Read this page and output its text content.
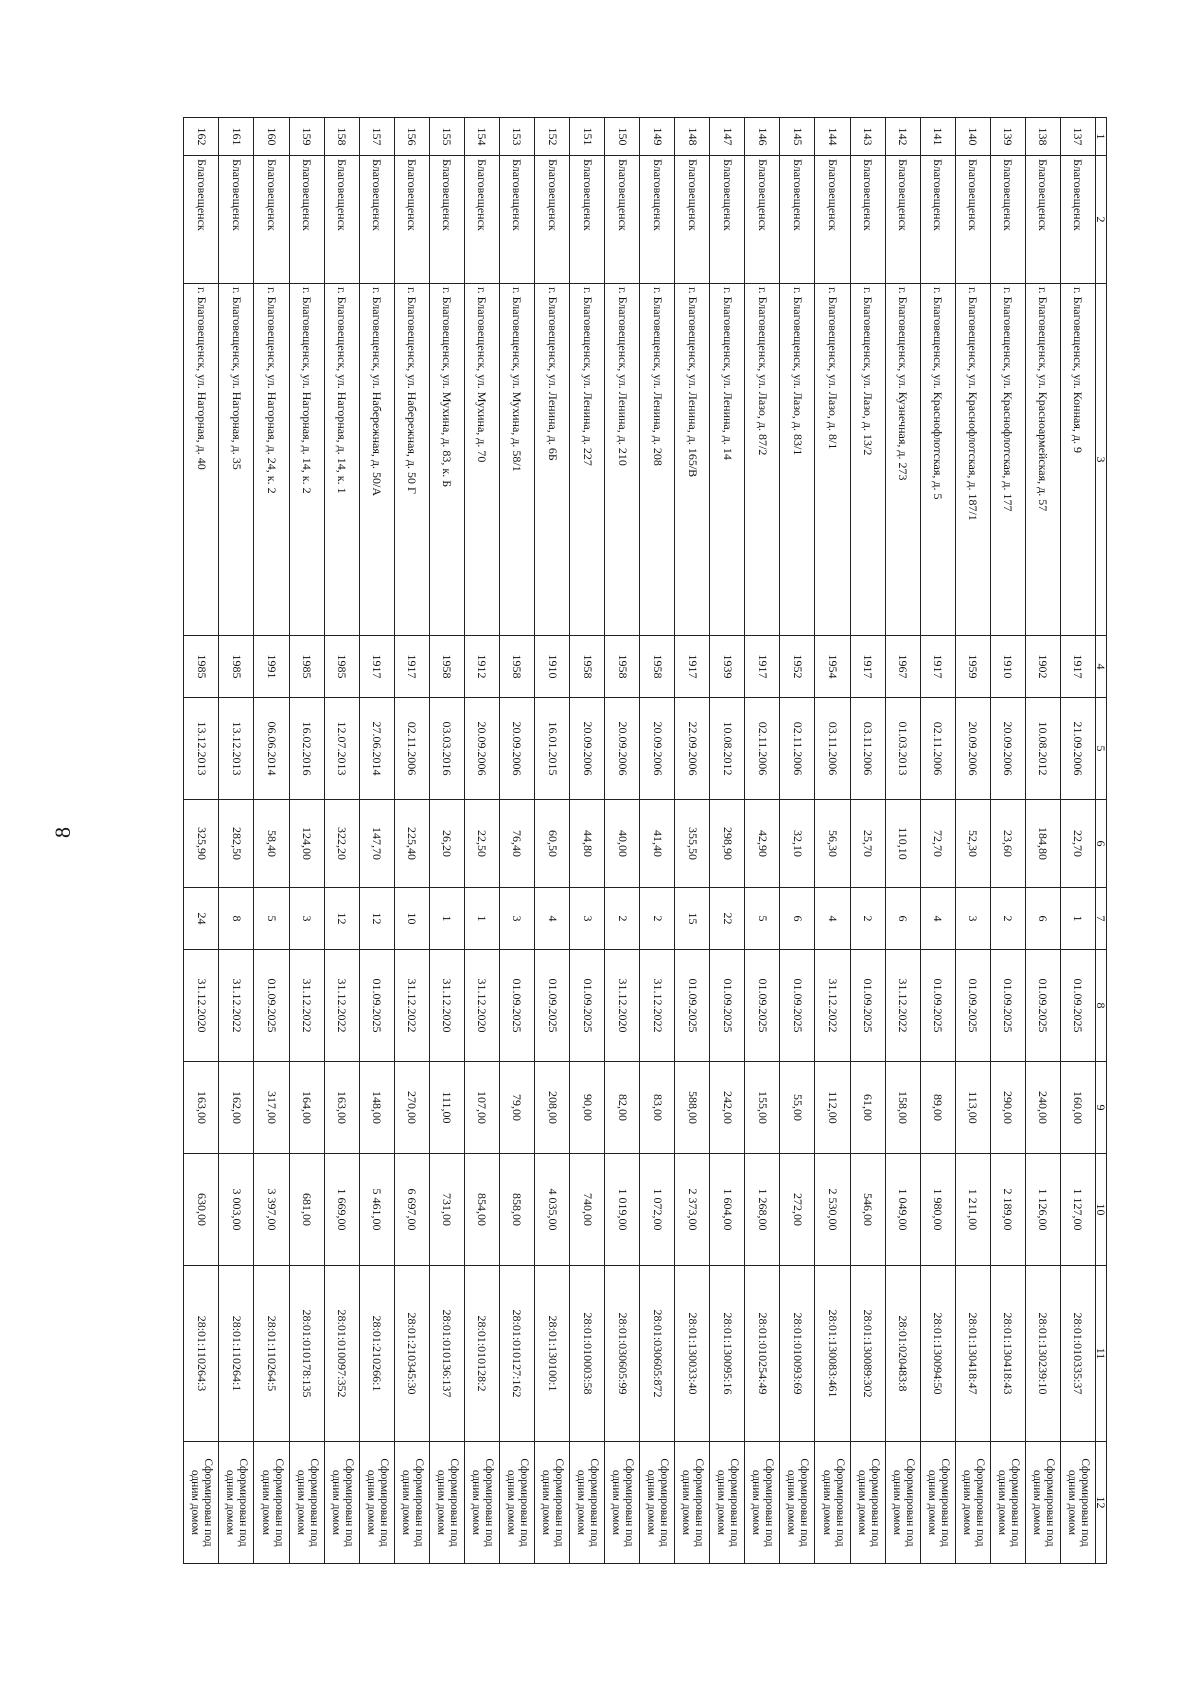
8
1	2	3	4	5	6	7	8	9	10	11	12
137	Благовещенск	г. Благовещенск, ул. Конная, д. 9	1917	21.09.2006	22,70	1	01.09.2025	160,00	1 127,00	28:01:010335:37	Сформирован под одним домом
138	Благовещенск	г. Благовещенск, ул. Красноармейская, д. 57	1902	10.08.2012	184,80	6	01.09.2025	240,00	1 126,00	28:01:130239:10	Сформирован под одним домом
139	Благовещенск	г. Благовещенск, ул. Краснофлотская, д. 177	1910	20.09.2006	23,60	2	01.09.2025	290,00	2 189,00	28:01:130418:43	Сформирован под одним домом
140	Благовещенск	г. Благовещенск, ул. Краснофлотская, д. 187/1	1959	20.09.2006	52,30	3	01.09.2025	113,00	1 211,00	28:01:130418:47	Сформирован под одним домом
141	Благовещенск	г. Благовещенск, ул. Краснофлотская, д. 5	1917	02.11.2006	72,70	4	01.09.2025	89,00	1 980,00	28:01:130094:50	Сформирован под одним домом
142	Благовещенск	г. Благовещенск, ул. Кузнечная, д. 273	1967	01.03.2013	110,10	6	31.12.2022	158,00	1 049,00	28:01:020483:8	Сформирован под одним домом
143	Благовещенск	г. Благовещенск, ул. Лазо, д. 13/2	1917	03.11.2006	25,70	2	01.09.2025	61,00	546,00	28:01:130089:302	Сформирован под одним домом
144	Благовещенск	г. Благовещенск, ул. Лазо, д. 8/1	1954	03.11.2006	56,30	4	31.12.2022	112,00	2 530,00	28:01:130083:461	Сформирован под одним домом
145	Благовещенск	г. Благовещенск, ул. Лазо, д. 83/1	1952	02.11.2006	32,10	6	01.09.2025	55,00	272,00	28:01:010093:69	Сформирован под одним домом
146	Благовещенск	г. Благовещенск, ул. Лазо, д. 87/2	1917	02.11.2006	42,90	5	01.09.2025	155,00	1 268,00	28:01:010254:49	Сформирован под одним домом
147	Благовещенск	г. Благовещенск, ул. Ленина, д. 14	1939	10.08.2012	298,90	22	01.09.2025	242,00	1 604,00	28:01:130095:16	Сформирован под одним домом
148	Благовещенск	г. Благовещенск, ул. Ленина, д. 165/В	1917	22.09.2006	355,50	15	01.09.2025	588,00	2 373,00	28:01:130033:40	Сформирован под одним домом
149	Благовещенск	г. Благовещенск, ул. Ленина, д. 208	1958	20.09.2006	41,40	2	31.12.2022	83,00	1 072,00	28:01:030605:872	Сформирован под одним домом
150	Благовещенск	г. Благовещенск, ул. Ленина, д. 210	1958	20.09.2006	40,00	2	31.12.2020	82,00	1 019,00	28:01:030605:99	Сформирован под одним домом
151	Благовещенск	г. Благовещенск, ул. Ленина, д. 227	1958	20.09.2006	44,80	3	01.09.2025	90,00	740,00	28:01:010003:58	Сформирован под одним домом
152	Благовещенск	г. Благовещенск, ул. Ленина, д. 6Б	1910	16.01.2015	60,50	4	01.09.2025	208,00	4 035,00	28:01:130100:1	Сформирован под одним домом
153	Благовещенск	г. Благовещенск, ул. Мухина, д. 58/1	1958	20.09.2006	76,40	3	01.09.2025	79,00	858,00	28:01:010127:162	Сформирован под одним домом
154	Благовещенск	г. Благовещенск, ул. Мухина, д. 70	1912	20.09.2006	22,50	1	31.12.2020	107,00	854,00	28:01:010128:2	Сформирован под одним домом
155	Благовещенск	г. Благовещенск, ул. Мухина, д. 83, к. Б	1958	03.03.2016	26,20	1	31.12.2020	111,00	731,00	28:01:010136:137	Сформирован под одним домом
156	Благовещенск	г. Благовещенск, ул. Набережная, д. 50 Г	1917	02.11.2006	225,40	10	31.12.2022	270,00	6 697,00	28:01:210345:30	Сформирован под одним домом
157	Благовещенск	г. Благовещенск, ул. Набережная, д. 50/А	1917	27.06.2014	147,70	12	01.09.2025	148,00	5 461,00	28:01:210266:1	Сформирован под одним домом
158	Благовещенск	г. Благовещенск, ул. Нагорная, д. 14, к. 1	1985	12.07.2013	322,20	12	31.12.2022	163,00	1 669,00	28:01:010097:352	Сформирован под одним домом
159	Благовещенск	г. Благовещенск, ул. Нагорная, д. 14, к. 2	1985	16.02.2016	124,00	3	31.12.2022	164,00	681,00	28:01:010178:135	Сформирован под одним домом
160	Благовещенск	г. Благовещенск, ул. Нагорная, д. 24, к. 2	1991	06.06.2014	58,40	5	01.09.2025	317,00	3 397,00	28:01:110264:5	Сформирован под одним домом
161	Благовещенск	г. Благовещенск, ул. Нагорная, д. 35	1985	13.12.2013	282,50	8	31.12.2022	162,00	3 003,00	28:01:110264:1	Сформирован под одним домом
162	Благовещенск	г. Благовещенск, ул. Нагорная, д. 40	1985	13.12.2013	325,90	24	31.12.2020	163,00	630,00	28:01:110264:3	Сформирован под одним домом
